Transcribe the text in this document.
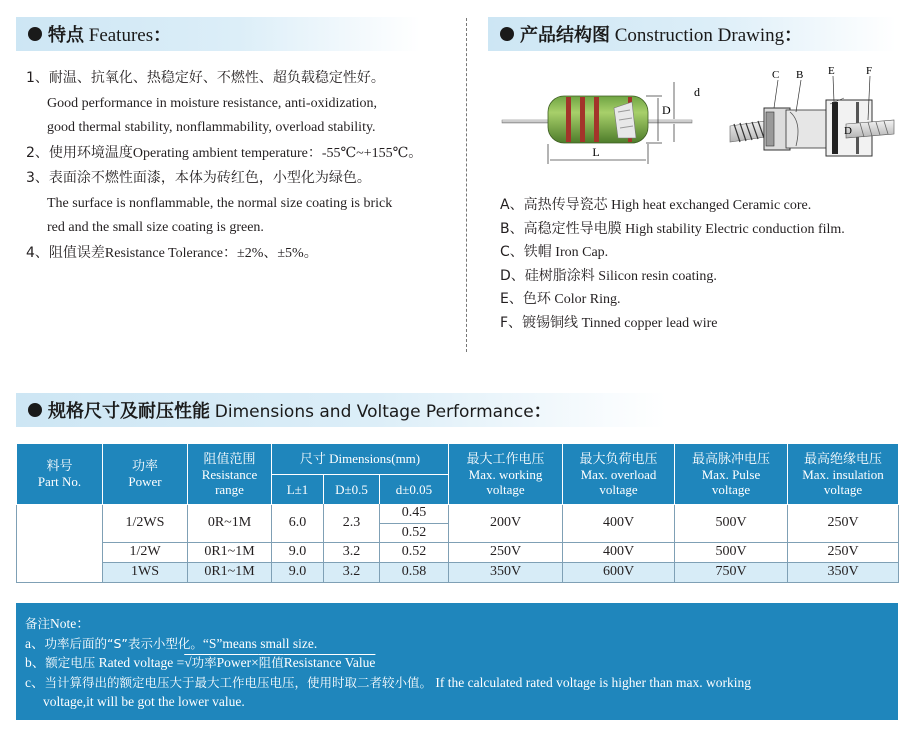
特点 Features：	产品结构图 Construction Drawing：
1、耐温、抗氧化、热稳定好、不燃性、超负载稳定性好。
Good performance in moisture resistance, anti-oxidization,
good thermal stability, nonflammability, overload stability.
2、使用环境温度Operating ambient temperature：-55℃~+155℃。
3、表面涂不燃性面漆，本体为砖红色，小型化为绿色。
The surface is nonflammable, the normal size coating is brick
red and the small size coating is green.
4、阻值误差Resistance Tolerance：±2%、±5%。
L
D
d
C B E	F
D
A、高热传导瓷芯 High heat exchanged Ceramic core.
B、高稳定性导电膜 High stability Electric conduction film.
C、铁帽 Iron Cap.
D、硅树脂涂料 Silicon resin coating.
E、色环 Color Ring.
F、镀锡铜线 Tinned copper lead wire
规格尺寸及耐压性能 Dimensions and Voltage Performance：
料号
Part No.	功率
Power	阻值范围
Resistance
range	尺寸 Dimensions(mm)			最大工作电压
Max. working
voltage	最大负荷电压
Max. overload
voltage	最高脉冲电压
Max. Pulse
voltage	最高绝缘电压
Max. insulation
voltage
			L±1	D±0.5	d±0.05				
	1/2WS	0R~1M	6.0	2.3	0.45	200V	400V	500V	250V
					0.52				
	1/2W	0R1~1M	9.0	3.2	0.52	250V	400V	500V	250V
	1WS	0R1~1M	9.0	3.2	0.58	350V	600V	750V	350V
备注Note：
a、功率后面的“S”表示小型化。“S”means small size.
b、额定电压 Rated voltage =√功率Power×阻值Resistance Value
c、当计算得出的额定电压大于最大工作电压电压，使用时取二者较小值。 If the calculated rated voltage is higher than max. working
voltage,it will be got the lower value.
